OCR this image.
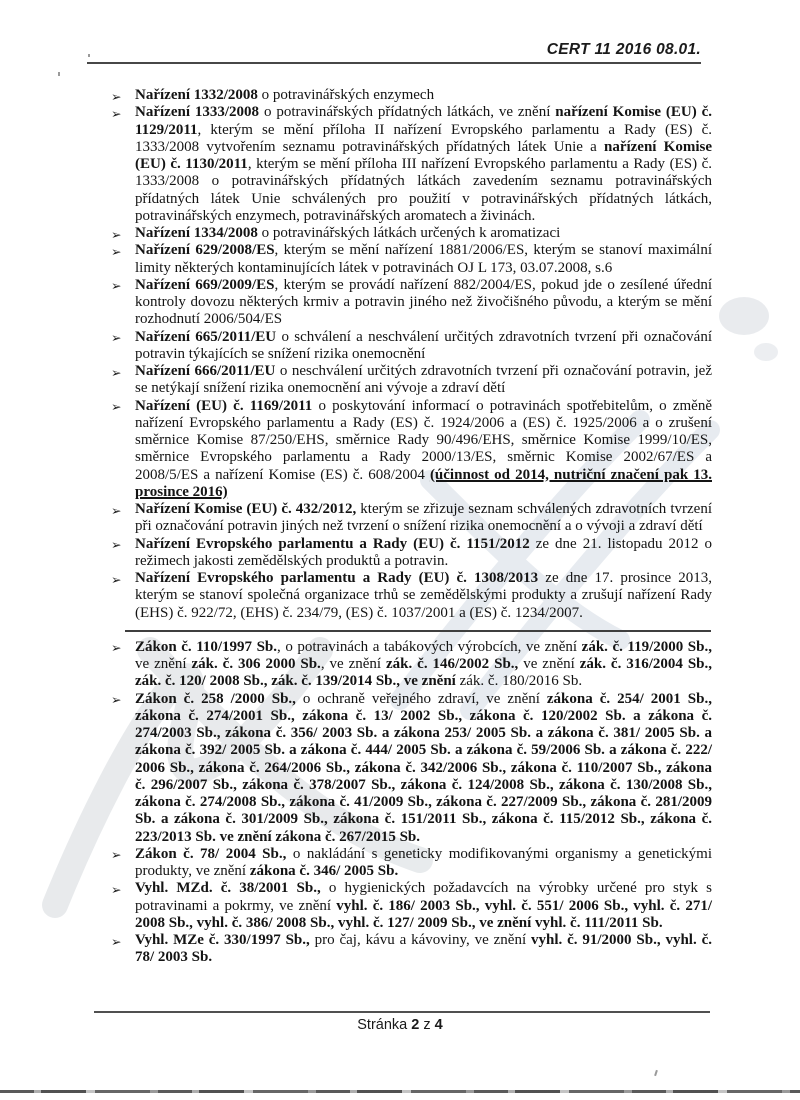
CERT 11 2016 08.01.
➢ Nařízení 1332/2008 o potravinářských enzymech
➢ Nařízení 1333/2008 o potravinářských přídatných látkách, ve znění nařízení Komise (EU) č. 1129/2011, kterým se mění příloha II nařízení Evropského parlamentu a Rady (ES) č. 1333/2008 vytvořením seznamu potravinářských přídatných látek Unie a nařízení Komise (EU) č. 1130/2011, kterým se mění příloha III nařízení Evropského parlamentu a Rady (ES) č. 1333/2008 o potravinářských přídatných látkách zavedením seznamu potravinářských přídatných látek Unie schválených pro použití v potravinářských přídatných látkách, potravinářských enzymech, potravinářských aromatech a živinách.
➢ Nařízení 1334/2008 o potravinářských látkách určených k aromatizaci
➢ Nařízení 629/2008/ES, kterým se mění nařízení 1881/2006/ES, kterým se stanoví maximální limity některých kontaminujících látek v potravinách OJ L 173, 03.07.2008, s.6
➢ Nařízení 669/2009/ES, kterým se provádí nařízení 882/2004/ES, pokud jde o zesílené úřední kontroly dovozu některých krmiv a potravin jiného než živočišného původu, a kterým se mění rozhodnutí 2006/504/ES
➢ Nařízení 665/2011/EU o schválení a neschválení určitých zdravotních tvrzení při označování potravin týkajících se snížení rizika onemocnění
➢ Nařízení 666/2011/EU o neschválení určitých zdravotních tvrzení při označování potravin, jež se netýkají snížení rizika onemocnění ani vývoje a zdraví dětí
➢ Nařízení (EU) č. 1169/2011 o poskytování informací o potravinách spotřebitelům, o změně nařízení Evropského parlamentu a Rady (ES) č. 1924/2006 a (ES) č. 1925/2006 a o zrušení směrnice Komise 87/250/EHS, směrnice Rady 90/496/EHS, směrnice Komise 1999/10/ES, směrnice Evropského parlamentu a Rady 2000/13/ES, směrnic Komise 2002/67/ES a 2008/5/ES a nařízení Komise (ES) č. 608/2004 (účinnost od 2014, nutriční značení pak 13. prosince 2016)
➢ Nařízení Komise (EU) č. 432/2012, kterým se zřizuje seznam schválených zdravotních tvrzení při označování potravin jiných než tvrzení o snížení rizika onemocnění a o vývoji a zdraví dětí
➢ Nařízení Evropského parlamentu a Rady (EU) č. 1151/2012 ze dne 21. listopadu 2012 o režimech jakosti zemědělských produktů a potravin.
➢ Nařízení Evropského parlamentu a Rady (EU) č. 1308/2013 ze dne 17. prosince 2013, kterým se stanoví společná organizace trhů se zemědělskými produkty a zrušují nařízení Rady (EHS) č. 922/72, (EHS) č. 234/79, (ES) č. 1037/2001 a (ES) č. 1234/2007.
➢ Zákon č. 110/1997 Sb., o potravinách a tabákových výrobcích, ve znění zák. č. 119/2000 Sb., ve znění zák. č. 306 2000 Sb., ve znění zák. č. 146/2002 Sb., ve znění zák. č. 316/2004 Sb., zák. č. 120/ 2008 Sb., zák. č. 139/2014 Sb., ve znění zák. č. 180/2016 Sb.
➢ Zákon č. 258 /2000 Sb., o ochraně veřejného zdraví, ve znění zákona č. 254/ 2001 Sb., zákona č. 274/2001 Sb., zákona č. 13/ 2002 Sb., zákona č. 120/2002 Sb. a zákona č. 274/2003 Sb., zákona č. 356/ 2003 Sb. a zákona 253/ 2005 Sb. a zákona č. 381/ 2005 Sb. a zákona č. 392/ 2005 Sb. a zákona č. 444/ 2005 Sb. a zákona č. 59/2006 Sb. a zákona č. 222/ 2006 Sb., zákona č. 264/2006 Sb., zákona č. 342/2006 Sb., zákona č. 110/2007 Sb., zákona č. 296/2007 Sb., zákona č. 378/2007 Sb., zákona č. 124/2008 Sb., zákona č. 130/2008 Sb., zákona č. 274/2008 Sb., zákona č. 41/2009 Sb., zákona č. 227/2009 Sb., zákona č. 281/2009 Sb. a zákona č. 301/2009 Sb., zákona č. 151/2011 Sb., zákona č. 115/2012 Sb., zákona č. 223/2013 Sb. ve znění zákona č. 267/2015 Sb.
➢ Zákon č. 78/ 2004 Sb., o nakládání s geneticky modifikovanými organismy a genetickými produkty, ve znění zákona č. 346/ 2005 Sb.
➢ Vyhl. MZd. č. 38/2001 Sb., o hygienických požadavcích na výrobky určené pro styk s potravinami a pokrmy, ve znění vyhl. č. 186/ 2003 Sb., vyhl. č. 551/ 2006 Sb., vyhl. č. 271/ 2008 Sb., vyhl. č. 386/ 2008 Sb., vyhl. č. 127/ 2009 Sb., ve znění vyhl. č. 111/2011 Sb.
➢ Vyhl. MZe č. 330/1997 Sb., pro čaj, kávu a kávoviny, ve znění vyhl. č. 91/2000 Sb., vyhl. č. 78/ 2003 Sb.
Stránka 2 z 4
